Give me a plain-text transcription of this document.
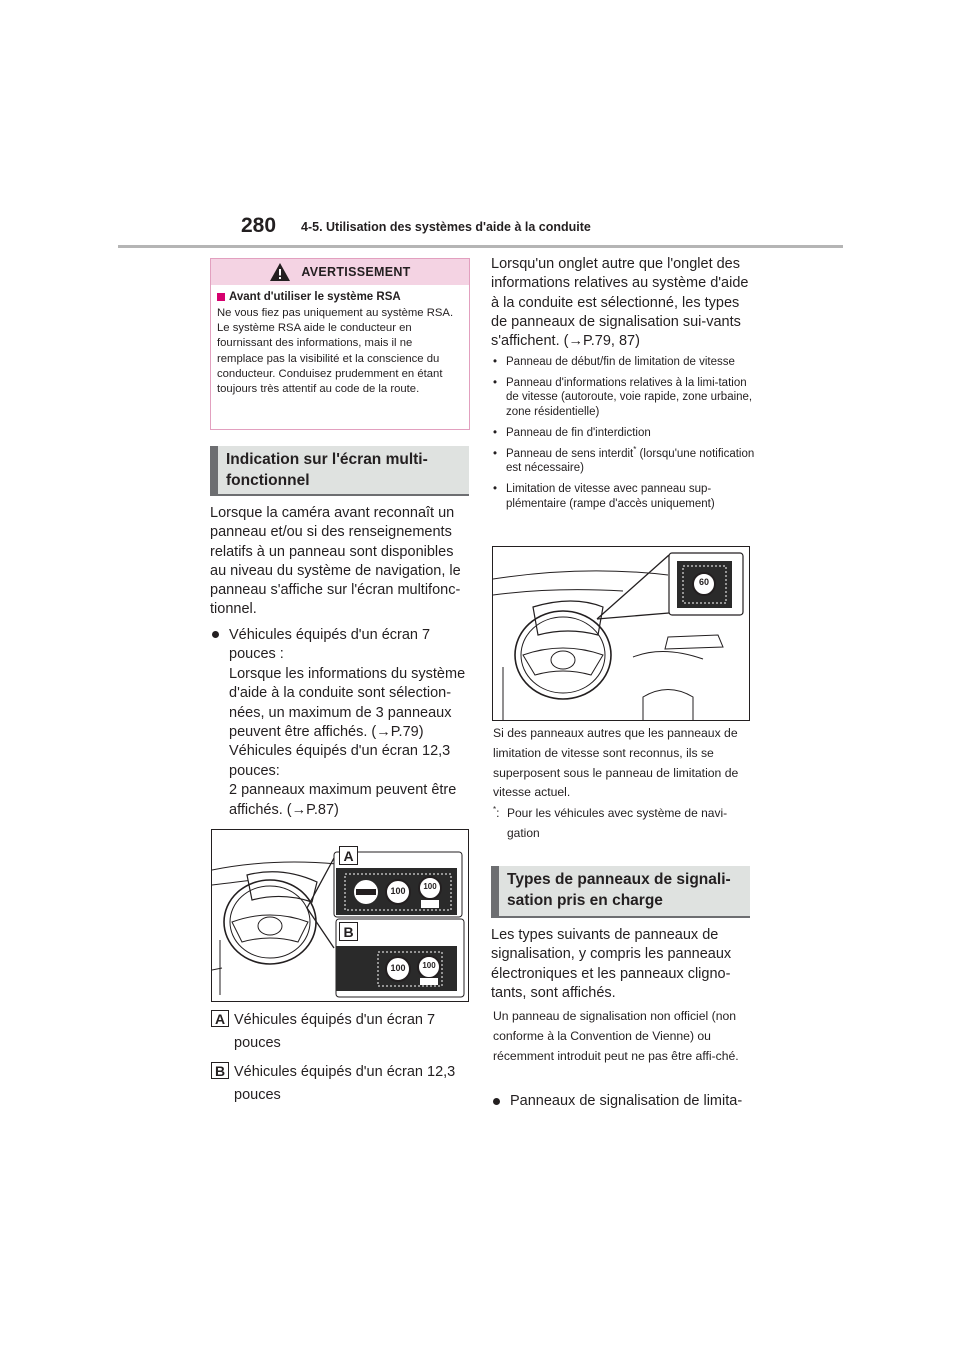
280 4-5. Utilisation des systèmes d'aide à la conduite
AVERTISSEMENT
Avant d'utiliser le système RSA
Ne vous fiez pas uniquement au système RSA. Le système RSA aide le conducteur en fournissant des informations, mais il ne remplace pas la visibilité et la conscience du conducteur. Conduisez prudemment en étant toujours très attentif au code de la route.
Indication sur l'écran multi-fonctionnel
Lorsque la caméra avant reconnaît un panneau et/ou si des renseignements relatifs à un panneau sont disponibles au niveau du système de navigation, le panneau s'affiche sur l'écran multifonc-tionnel.
Véhicules équipés d'un écran 7 pouces :
Lorsque les informations du système d'aide à la conduite sont sélection-nées, un maximum de 3 panneaux peuvent être affichés. (→P.79)
Véhicules équipés d'un écran 12,3 pouces:
2 panneaux maximum peuvent être affichés. (→P.87)
A
B
100	100
100	100
A Véhicules équipés d'un écran 7 pouces
B Véhicules équipés d'un écran 12,3 pouces
Lorsqu'un onglet autre que l'onglet des informations relatives au système d'aide à la conduite est sélectionné, les types de panneaux de signalisation sui-vants s'affichent. (→P.79, 87)
• Panneau de début/fin de limitation de vitesse
• Panneau d'informations relatives à la limi-tation de vitesse (autoroute, voie rapide, zone urbaine, zone résidentielle)
• Panneau de fin d'interdiction
• Panneau de sens interdit* (lorsqu'une notification est nécessaire)
• Limitation de vitesse avec panneau sup-plémentaire (rampe d'accès uniquement)
60
Si des panneaux autres que les panneaux de limitation de vitesse sont reconnus, ils se superposent sous le panneau de limitation de vitesse actuel.
*: Pour les véhicules avec système de navi-gation
Types de panneaux de signali-sation pris en charge
Les types suivants de panneaux de signalisation, y compris les panneaux électroniques et les panneaux cligno-tants, sont affichés.
Un panneau de signalisation non officiel (non conforme à la Convention de Vienne) ou récemment introduit peut ne pas être affi-ché.
Panneaux de signalisation de limita-
